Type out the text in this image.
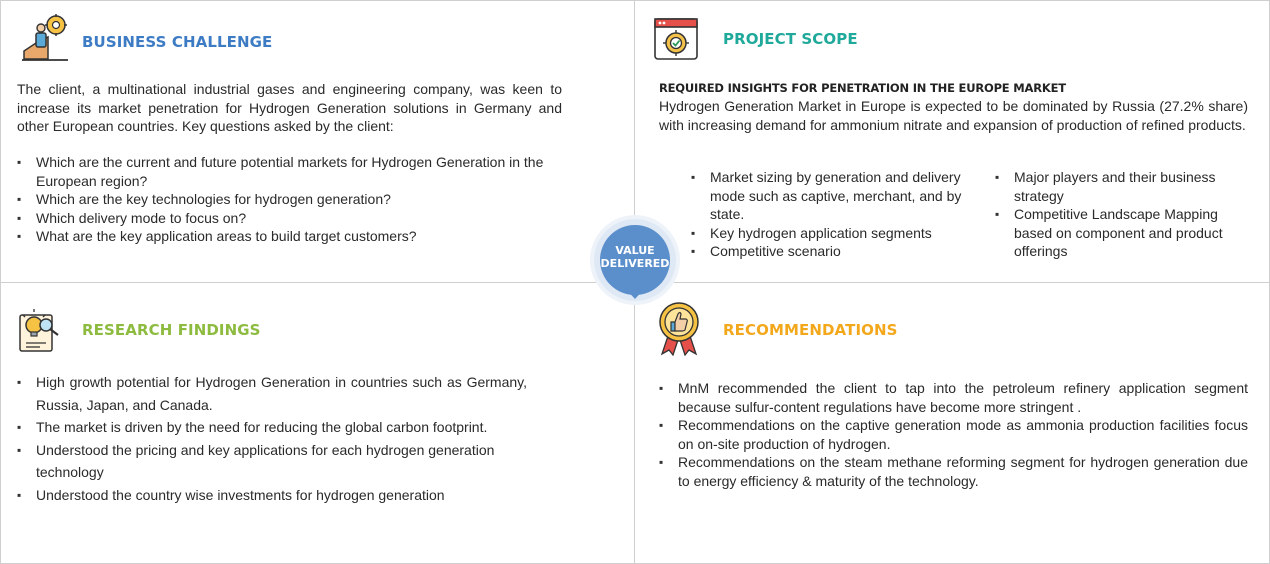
BUSINESS CHALLENGE
The client, a multinational industrial gases and engineering company, was keen to increase its market penetration for Hydrogen Generation solutions in Germany and other European countries. Key questions asked by the client:
▪ Which are the current and future potential markets for Hydrogen Generation in the European region?
▪ Which are the key technologies for hydrogen generation?
▪ Which delivery mode to focus on?
▪ What are the key application areas to build target customers?
PROJECT SCOPE
REQUIRED INSIGHTS FOR PENETRATION IN THE EUROPE MARKET
Hydrogen Generation Market in Europe is expected to be dominated by Russia (27.2% share) with increasing demand for ammonium nitrate and expansion of production of refined products.
▪ Market sizing by generation and delivery mode such as captive, merchant, and by state.
▪ Key hydrogen application segments
▪ Competitive scenario
▪ Major players and their business strategy
▪ Competitive Landscape Mapping based on component and product offerings
RESEARCH FINDINGS
▪ High growth potential for Hydrogen Generation in countries such as Germany, Russia, Japan, and Canada.
▪ The market is driven by the need for reducing the global carbon footprint.
▪ Understood the pricing and key applications for each hydrogen generation technology
▪ Understood the country wise investments for hydrogen generation
RECOMMENDATIONS
▪ MnM recommended the client to tap into the petroleum refinery application segment because sulfur-content regulations have become more stringent .
▪ Recommendations on the captive generation mode as ammonia production facilities focus on on-site production of hydrogen.
▪ Recommendations on the steam methane reforming segment for hydrogen generation due to energy efficiency & maturity of the technology.
VALUE
DELIVERED
